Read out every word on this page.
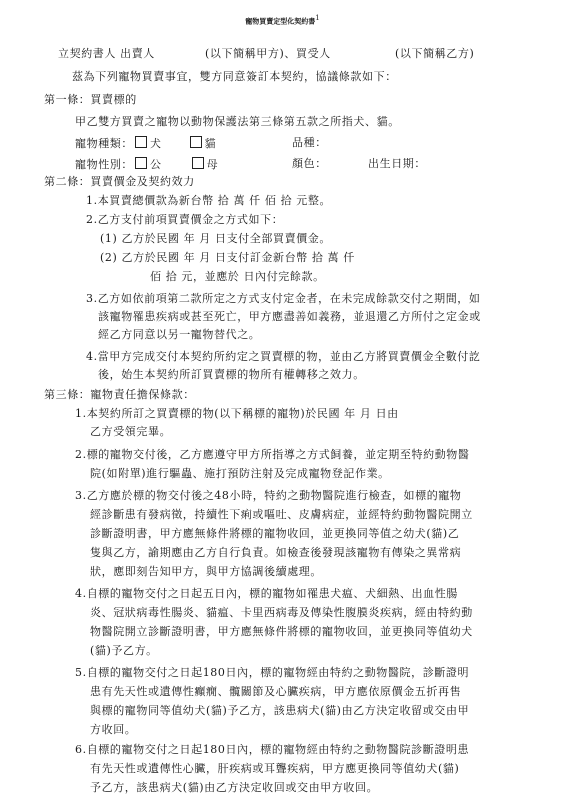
寵物買賣定型化契約書$^1$
立契約書人 出賣人	(以下簡稱甲方)、買受人	(以下簡稱乙方)
茲為下列寵物買賣事宜，雙方同意簽訂本契約，協議條款如下：
第一條：買賣標的
甲乙雙方買賣之寵物以動物保護法第三條第五款之所指犬、貓。
寵物種類： 犬	貓	品種：
寵物性別： 公	母	顏色：	出生日期：
第二條：買賣價金及契約效力
1.本買賣總價款為新台幣 拾 萬 仟 佰 拾 元整。
2.乙方支付前項買賣價金之方式如下：
(1) 乙方於民國 年 月 日支付全部買賣價金。
(2) 乙方於民國 年 月 日支付訂金新台幣 拾 萬 仟
佰 拾 元，並應於 日內付完餘款。
3.乙方如依前項第二款所定之方式支付定金者，在未完成餘款交付之期間，如
該寵物罹患疾病或甚至死亡，甲方應盡善如義務，並退還乙方所付之定金或
經乙方同意以另一寵物替代之。
4.當甲方完成交付本契約所約定之買賣標的物，並由乙方將買賣價金全數付訖
後，始生本契約所訂買賣標的物所有權轉移之效力。
第三條：寵物責任擔保條款：
1.本契約所訂之買賣標的物(以下稱標的寵物)於民國 年 月 日由
乙方受領完畢。
2.標的寵物交付後，乙方應遵守甲方所指導之方式飼養，並定期至特約動物醫
院(如附單)進行驅蟲、施打預防注射及完成寵物登記作業。
3.乙方應於標的物交付後之48小時，特約之動物醫院進行檢查，如標的寵物
經診斷患有發病徵，持續性下痢或嘔吐、皮膚病症，並經特約動物醫院開立
診斷證明書，甲方應無條件將標的寵物收回，並更換同等值之幼犬(貓)乙
隻與乙方，諭期應由乙方自行負責。如檢查後發現該寵物有傳染之異常病
狀，應即刻告知甲方，與甲方協調後續處理。
4.自標的寵物交付之日起五日內，標的寵物如罹患犬瘟、犬細熱、出血性腸
炎、冠狀病毒性腸炎、貓瘟、卡里西病毒及傳染性腹膜炎疾病，經由特約動
物醫院開立診斷證明書，甲方應無條件將標的寵物收回，並更換同等值幼犬
(貓)予乙方。
5.自標的寵物交付之日起180日內，標的寵物經由特約之動物醫院，診斷證明
患有先天性或遺傳性癲癇、髖關節及心臟疾病，甲方應依原價金五折再售
與標的寵物同等值幼犬(貓)予乙方，該患病犬(貓)由乙方決定收留或交由甲
方收回。
6.自標的寵物交付之日起180日內，標的寵物經由特約之動物醫院診斷證明患
有先天性或遺傳性心臟，肝疾病或耳聾疾病，甲方應更換同等值幼犬(貓)
予乙方，該患病犬(貓)由乙方決定收回或交由甲方收回。
